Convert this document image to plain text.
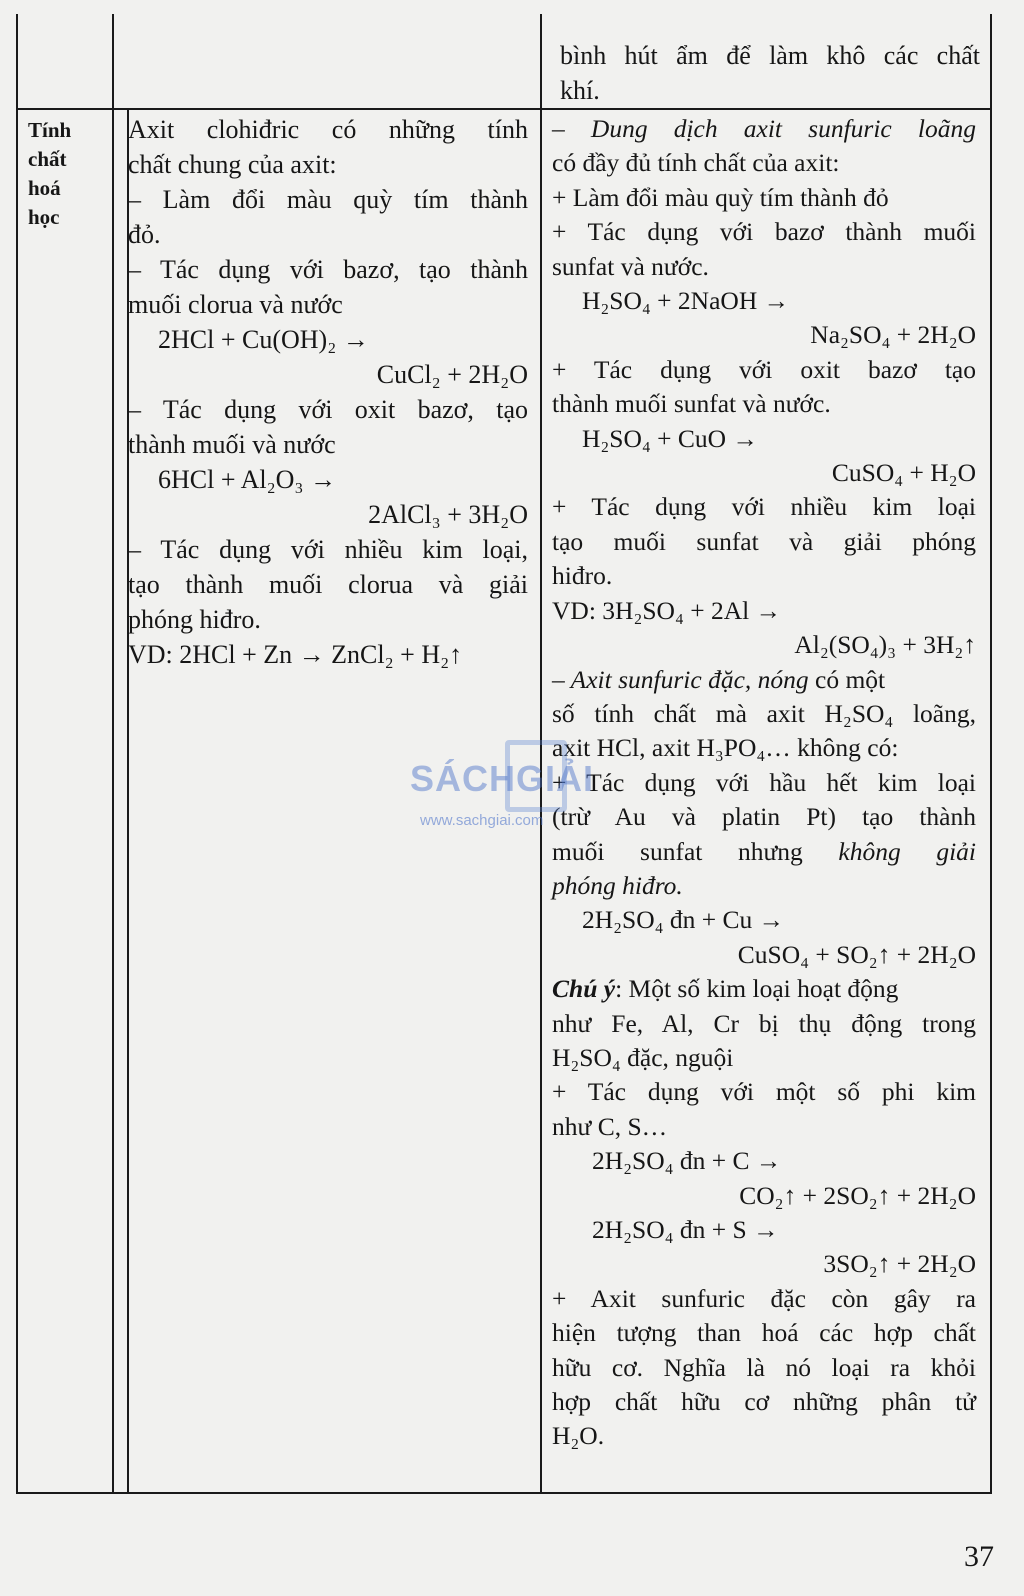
bình hút ẩm để làm khô các chất

khí.

Tính
chất
hoá
học

Axit clohiđric có những tính

chất chung của axit:

– Làm đổi màu quỳ tím thành

đỏ.

– Tác dụng với bazơ, tạo thành

muối clorua và nước

2HCl + Cu(OH)₂ →

CuCl₂ + 2H₂O

– Tác dụng với oxit bazơ, tạo

thành muối và nước

6HCl + Al₂O₃ →

2AlCl₃ + 3H₂O

– Tác dụng với nhiều kim loại,

tạo thành muối clorua và giải

phóng hiđro.

VD: 2HCl + Zn → ZnCl₂ + H₂↑

– Dung dịch axit sunfuric loãng

có đầy đủ tính chất của axit:

+ Làm đổi màu quỳ tím thành đỏ

+ Tác dụng với bazơ thành muối

sunfat và nước.

H₂SO₄ + 2NaOH →

Na₂SO₄ + 2H₂O

+ Tác dụng với oxit bazơ tạo

thành muối sunfat và nước.

H₂SO₄ + CuO →

CuSO₄ + H₂O

+ Tác dụng với nhiều kim loại

tạo muối sunfat và giải phóng

hiđro.

VD: 3H₂SO₄ + 2Al →

Al₂(SO₄)₃ + 3H₂↑

– Axit sunfuric đặc, nóng có một

số tính chất mà axit H₂SO₄ loãng,

axit HCl, axit H₃PO₄… không có:

+ Tác dụng với hầu hết kim loại

(trừ Au và platin Pt) tạo thành

muối sunfat nhưng không giải

phóng hiđro.

2H₂SO₄ đn + Cu →

CuSO₄ + SO₂↑ + 2H₂O

Chú ý: Một số kim loại hoạt động

như Fe, Al, Cr bị thụ động trong

H₂SO₄ đặc, nguội

+ Tác dụng với một số phi kim

như C, S…

2H₂SO₄ đn + C →

CO₂↑ + 2SO₂↑ + 2H₂O

2H₂SO₄ đn + S →

3SO₂↑ + 2H₂O

+ Axit sunfuric đặc còn gây ra

hiện tượng than hoá các hợp chất

hữu cơ. Nghĩa là nó loại ra khỏi

hợp chất hữu cơ những phân tử

H₂O.

SÁCHGIẢI
www.sachgiai.com
37
